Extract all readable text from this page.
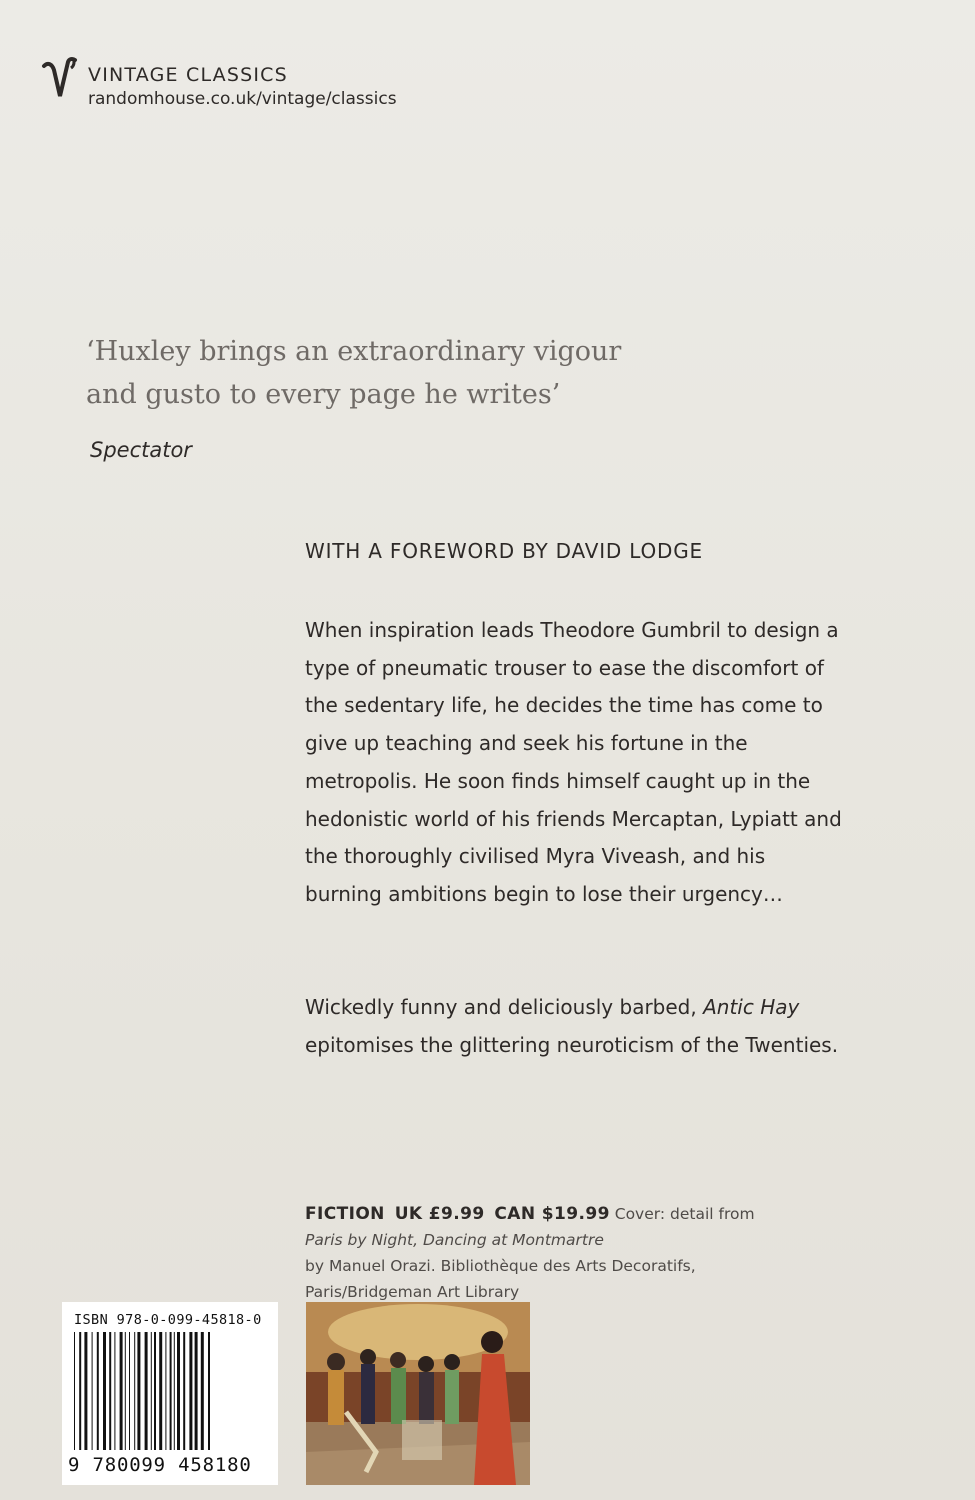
VINTAGE CLASSICS
randomhouse.co.uk/vintage/classics
‘Huxley brings an extraordinary vigour
and gusto to every page he writes’
Spectator
WITH A FOREWORD BY DAVID LODGE

When inspiration leads Theodore Gumbril to design a type of pneumatic trouser to ease the discomfort of the sedentary life, he decides the time has come to give up teaching and seek his fortune in the metropolis. He soon finds himself caught up in the hedonistic world of his friends Mercaptan, Lypiatt and the thoroughly civilised Myra Viveash, and his burning ambitions begin to lose their urgency…

Wickedly funny and deliciously barbed, Antic Hay epitomises the glittering neuroticism of the Twenties.

FICTION UK £9.99 CAN $19.99 Cover: detail from
Paris by Night, Dancing at Montmartre
by Manuel Orazi. Bibliothèque des Arts Decoratifs, Paris/Bridgeman Art Library
ISBN 978-0-099-45818-0
9 780099 458180
